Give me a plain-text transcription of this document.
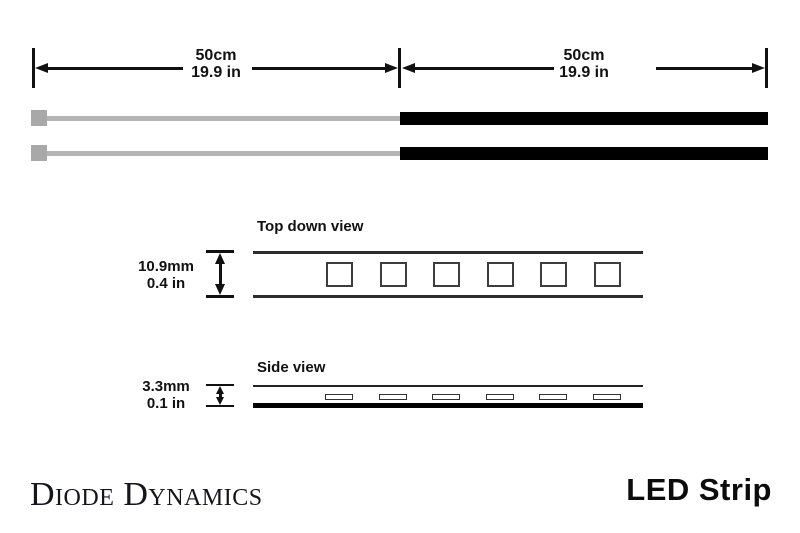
50cm
19.9 in
50cm
19.9 in
Top down view
10.9mm
0.4 in
Side view
3.3mm
0.1 in
Diode Dynamics	LED Strip
